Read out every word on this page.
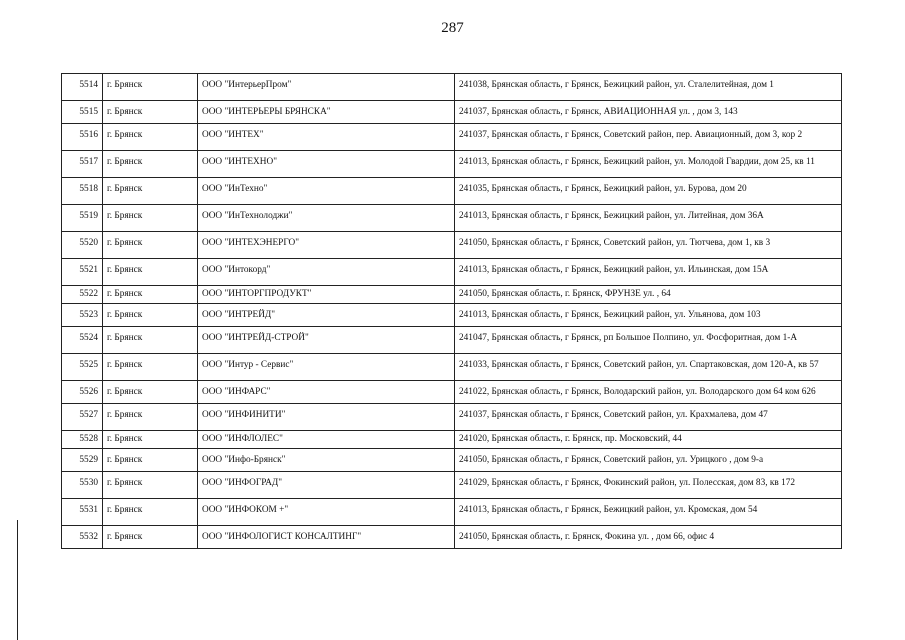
287
5514	г. Брянск	ООО "ИнтерьерПром"	241038, Брянская область, г Брянск, Бежицкий район, ул. Сталелитейная, дом 1
5515	г. Брянск	ООО "ИНТЕРЬЕРЫ БРЯНСКА"	241037, Брянская область, г Брянск, АВИАЦИОННАЯ ул. , дом 3, 143
5516	г. Брянск	ООО "ИНТЕХ"	241037, Брянская область, г Брянск, Советский район, пер. Авиационный, дом 3, кор 2
5517	г. Брянск	ООО "ИНТЕХНО"	241013, Брянская область, г Брянск, Бежицкий район, ул. Молодой Гвардии, дом 25, кв 11
5518	г. Брянск	ООО "ИнТехно"	241035, Брянская область, г Брянск, Бежицкий район, ул. Бурова, дом 20
5519	г. Брянск	ООО "ИнТехнолоджи"	241013, Брянская область, г Брянск, Бежицкий район, ул. Литейная, дом 36А
5520	г. Брянск	ООО "ИНТЕХЭНЕРГО"	241050, Брянская область, г Брянск, Советский район, ул. Тютчева, дом 1, кв 3
5521	г. Брянск	ООО "Интокорд"	241013, Брянская область, г Брянск, Бежицкий район, ул. Ильинская, дом 15А
5522	г. Брянск	ООО "ИНТОРГПРОДУКТ"	241050, Брянская область, г. Брянск, ФРУНЗЕ ул. , 64
5523	г. Брянск	ООО "ИНТРЕЙД"	241013, Брянская область, г Брянск, Бежицкий район, ул. Ульянова, дом 103
5524	г. Брянск	ООО "ИНТРЕЙД-СТРОЙ"	241047, Брянская область, г Брянск, рп Большое Полпино, ул. Фосфоритная, дом 1-А
5525	г. Брянск	ООО "Интур - Сервис"	241033, Брянская область, г Брянск, Советский район, ул. Спартаковская, дом 120-А, кв 57
5526	г. Брянск	ООО "ИНФАРС"	241022, Брянская область, г Брянск, Володарский район, ул. Володарского дом 64 ком 626
5527	г. Брянск	ООО "ИНФИНИТИ"	241037, Брянская область, г Брянск, Советский район, ул. Крахмалева, дом 47
5528	г. Брянск	ООО "ИНФЛОЛЕС"	241020, Брянская область, г. Брянск, пр. Московский, 44
5529	г. Брянск	ООО "Инфо-Брянск"	241050, Брянская область, г Брянск, Советский район, ул. Урицкого , дом 9-а
5530	г. Брянск	ООО "ИНФОГРАД"	241029, Брянская область, г Брянск, Фокинский район, ул. Полесская, дом 83, кв 172
5531	г. Брянск	ООО "ИНФОКОМ +"	241013, Брянская область, г Брянск, Бежицкий район, ул. Кромская, дом 54
5532	г. Брянск	ООО "ИНФОЛОГИСТ КОНСАЛТИНГ"	241050, Брянская область, г. Брянск, Фокина ул. , дом 66, офис 4
